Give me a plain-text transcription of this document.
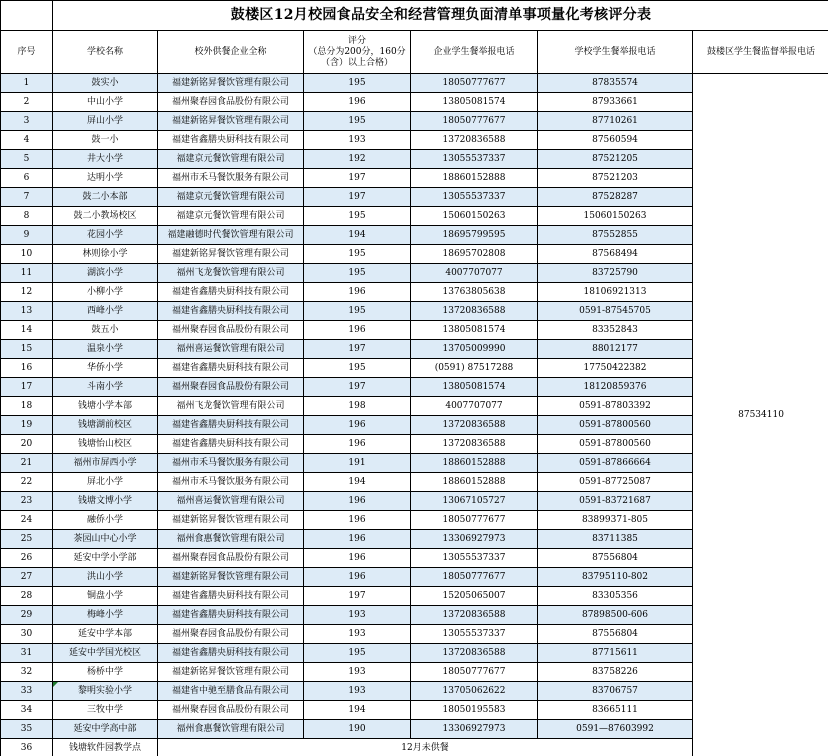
	鼓楼区12月校园食品安全和经营管理负面清单事项量化考核评分表					
序号	学校名称	校外供餐企业全称	评分
（总分为200分，160分
（含）以上合格）	企业学生餐举报电话	学校学生餐举报电话	鼓楼区学生餐监督举报电话
1	鼓实小	福建新铭昇餐饮管理有限公司	195	18050777677	87835574	87534110
2	中山小学	福州聚春园食品股份有限公司	196	13805081574	87933661	
3	屏山小学	福建新铭昇餐饮管理有限公司	195	18050777677	87710261	
4	鼓一小	福建省鑫膳央厨科技有限公司	193	13720836588	87560594	
5	井大小学	福建京元餐饮管理有限公司	192	13055537337	87521205	
6	达明小学	福州市禾马餐饮服务有限公司	197	18860152888	87521203	
7	鼓二小本部	福建京元餐饮管理有限公司	197	13055537337	87528287	
8	鼓二小教场校区	福建京元餐饮管理有限公司	195	15060150263	15060150263	
9	花园小学	福建融德时代餐饮管理有限公司	194	18695799595	87552855	
10	林则徐小学	福建新铭昇餐饮管理有限公司	195	18695702808	87568494	
11	湖滨小学	福州飞龙餐饮管理有限公司	195	4007707077	83725790	
12	小柳小学	福建省鑫膳央厨科技有限公司	196	13763805638	18106921313	
13	西峰小学	福建省鑫膳央厨科技有限公司	195	13720836588	0591-87545705	
14	鼓五小	福州聚春园食品股份有限公司	196	13805081574	83352843	
15	温泉小学	福州喜运餐饮管理有限公司	197	13705009990	88012177	
16	华侨小学	福建省鑫膳央厨科技有限公司	195	(0591) 87517288	17750422382	
17	斗南小学	福州聚春园食品股份有限公司	197	13805081574	18120859376	
18	钱塘小学本部	福州飞龙餐饮管理有限公司	198	4007707077	0591-87803392	
19	钱塘湖前校区	福建省鑫膳央厨科技有限公司	196	13720836588	0591-87800560	
20	钱塘怡山校区	福建省鑫膳央厨科技有限公司	196	13720836588	0591-87800560	
21	福州市屏西小学	福州市禾马餐饮服务有限公司	191	18860152888	0591-87866664	
22	屏北小学	福州市禾马餐饮服务有限公司	194	18860152888	0591-87725087	
23	钱塘文博小学	福州喜运餐饮管理有限公司	196	13067105727	0591-83721687	
24	融侨小学	福建新铭昇餐饮管理有限公司	196	18050777677	83899371-805	
25	茶园山中心小学	福州食惠餐饮管理有限公司	196	13306927973	83711385	
26	延安中学小学部	福州聚春园食品股份有限公司	196	13055537337	87556804	
27	洪山小学	福建新铭昇餐饮管理有限公司	196	18050777677	83795110-802	
28	铜盘小学	福建省鑫膳央厨科技有限公司	197	15205065007	83305356	
29	梅峰小学	福建省鑫膳央厨科技有限公司	193	13720836588	87898500-606	
30	延安中学本部	福州聚春园食品股份有限公司	193	13055537337	87556804	
31	延安中学国光校区	福建省鑫膳央厨科技有限公司	195	13720836588	87715611	
32	杨桥中学	福建新铭昇餐饮管理有限公司	193	18050777677	83758226	
33	黎明实验小学	福建省中驰至膳食品有限公司	193	13705062622	83706757	
34	三牧中学	福州聚春园食品股份有限公司	194	18050195583	83665111	
35	延安中学高中部	福州食惠餐饮管理有限公司	190	13306927973	0591—87603992	
36	钱塘软件园教学点	12月未供餐				
